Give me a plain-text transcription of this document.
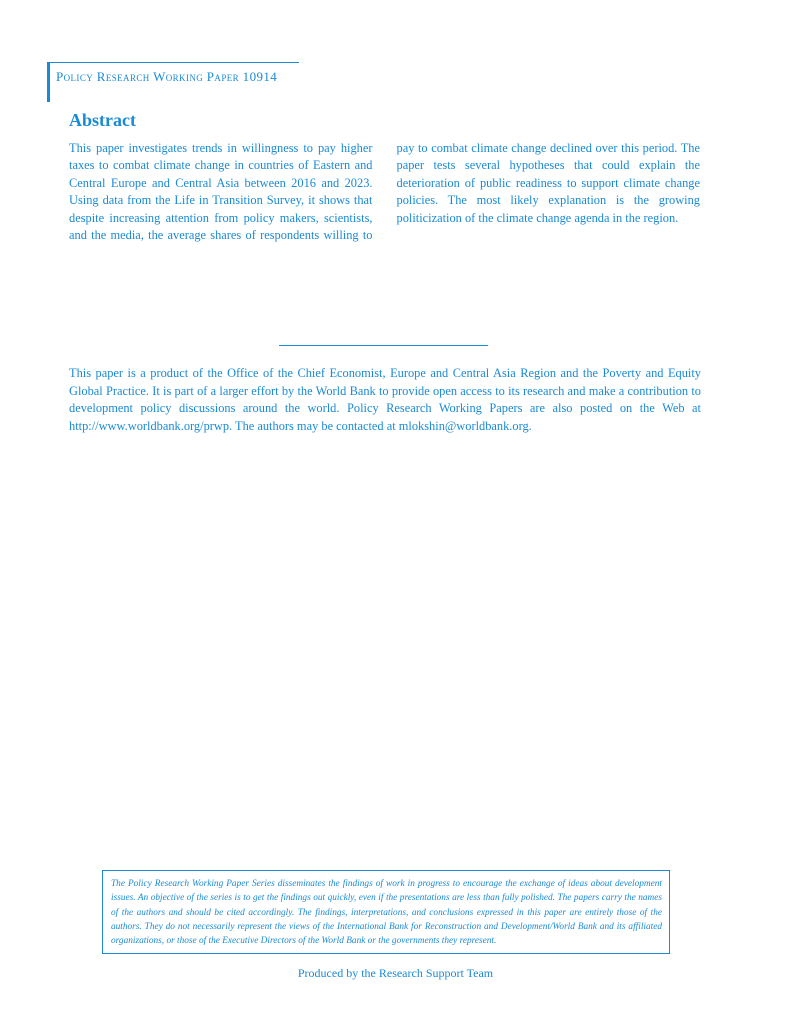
Policy Research Working Paper 10914
Abstract
This paper investigates trends in willingness to pay higher taxes to combat climate change in countries of Eastern and Central Europe and Central Asia between 2016 and 2023. Using data from the Life in Transition Survey, it shows that despite increasing attention from policy makers, scientists, and the media, the average shares of respondents willing to pay to combat climate change declined over this period. The paper tests several hypotheses that could explain the deterioration of public readiness to support climate change policies. The most likely explanation is the growing politicization of the climate change agenda in the region.
This paper is a product of the Office of the Chief Economist, Europe and Central Asia Region and the Poverty and Equity Global Practice. It is part of a larger effort by the World Bank to provide open access to its research and make a contribution to development policy discussions around the world. Policy Research Working Papers are also posted on the Web at http://www.worldbank.org/prwp. The authors may be contacted at mlokshin@worldbank.org.
The Policy Research Working Paper Series disseminates the findings of work in progress to encourage the exchange of ideas about development issues. An objective of the series is to get the findings out quickly, even if the presentations are less than fully polished. The papers carry the names of the authors and should be cited accordingly. The findings, interpretations, and conclusions expressed in this paper are entirely those of the authors. They do not necessarily represent the views of the International Bank for Reconstruction and Development/World Bank and its affiliated organizations, or those of the Executive Directors of the World Bank or the governments they represent.
Produced by the Research Support Team
